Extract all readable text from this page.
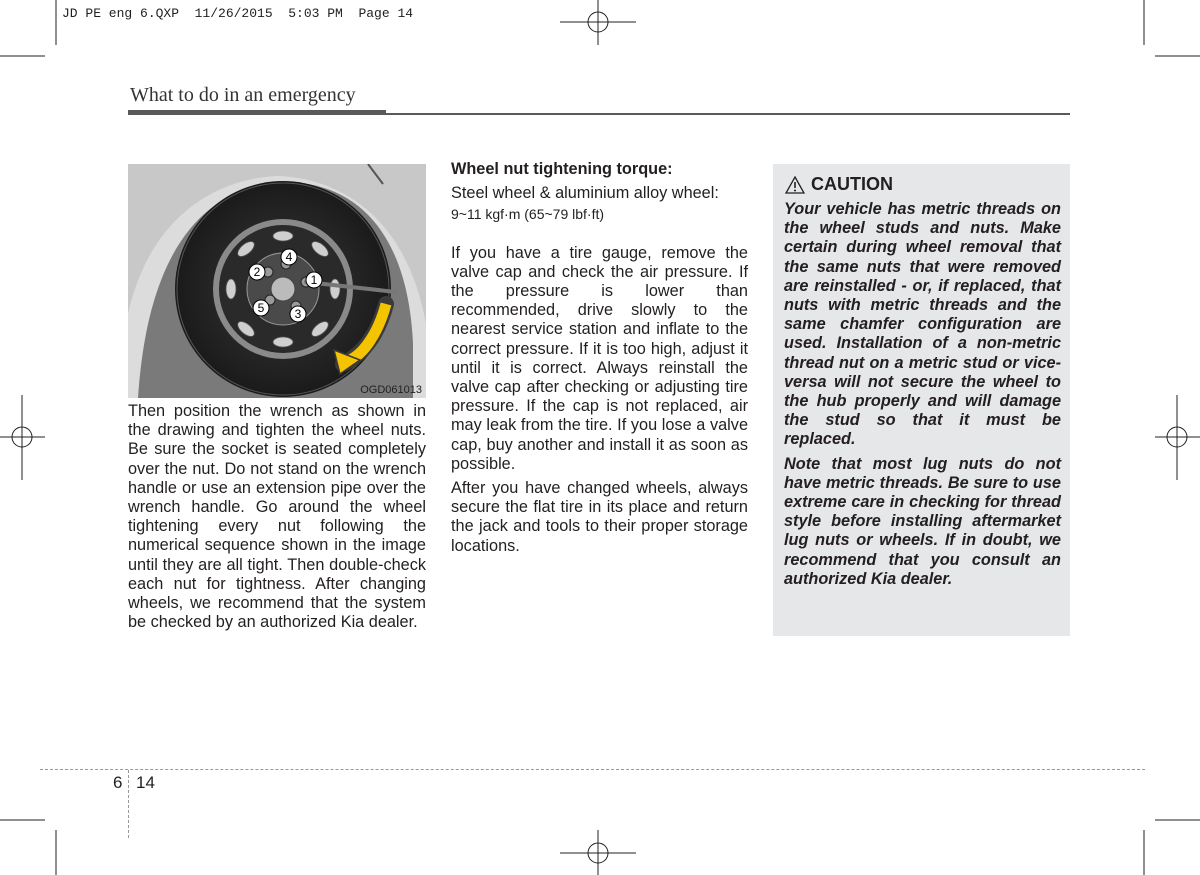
JD PE eng 6.QXP  11/26/2015  5:03 PM  Page 14
What to do in an emergency
1
2
3
4
5
OGD061013
Then position the wrench as shown in the drawing and tighten the wheel nuts. Be sure the socket is seated completely over the nut. Do not stand on the wrench handle or use an extension pipe over the wrench handle. Go around the wheel tightening every nut following the numerical sequence shown in the image until they are all tight. Then double-check each nut for tightness. After changing wheels, we recommend that the system be checked by an authorized Kia dealer.

Wheel nut tightening torque:

Steel wheel & aluminium alloy wheel:

9~11 kgf·m (65~79 lbf·ft)

If you have a tire gauge, remove the valve cap and check the air pressure. If the pressure is lower than recommended, drive slowly to the nearest service station and inflate to the correct pressure. If it is too high, adjust it until it is correct. Always reinstall the valve cap after checking or adjusting tire pressure. If the cap is not replaced, air may leak from the tire. If you lose a valve cap, buy another and install it as soon as possible.

After you have changed wheels, always secure the flat tire in its place and return the jack and tools to their proper storage locations.

CAUTION

Your vehicle has metric threads on the wheel studs and nuts. Make certain during wheel removal that the same nuts that were removed are reinstalled - or, if replaced, that nuts with metric threads and the same chamfer configuration are used. Installation of a non-metric thread nut on a metric stud or vice-versa will not secure the wheel to the hub properly and will damage the stud so that it must be replaced.

Note that most lug nuts do not have metric threads. Be sure to use extreme care in checking for thread style before installing aftermarket lug nuts or wheels. If in doubt, we recommend that you consult an authorized Kia dealer.

6 14
